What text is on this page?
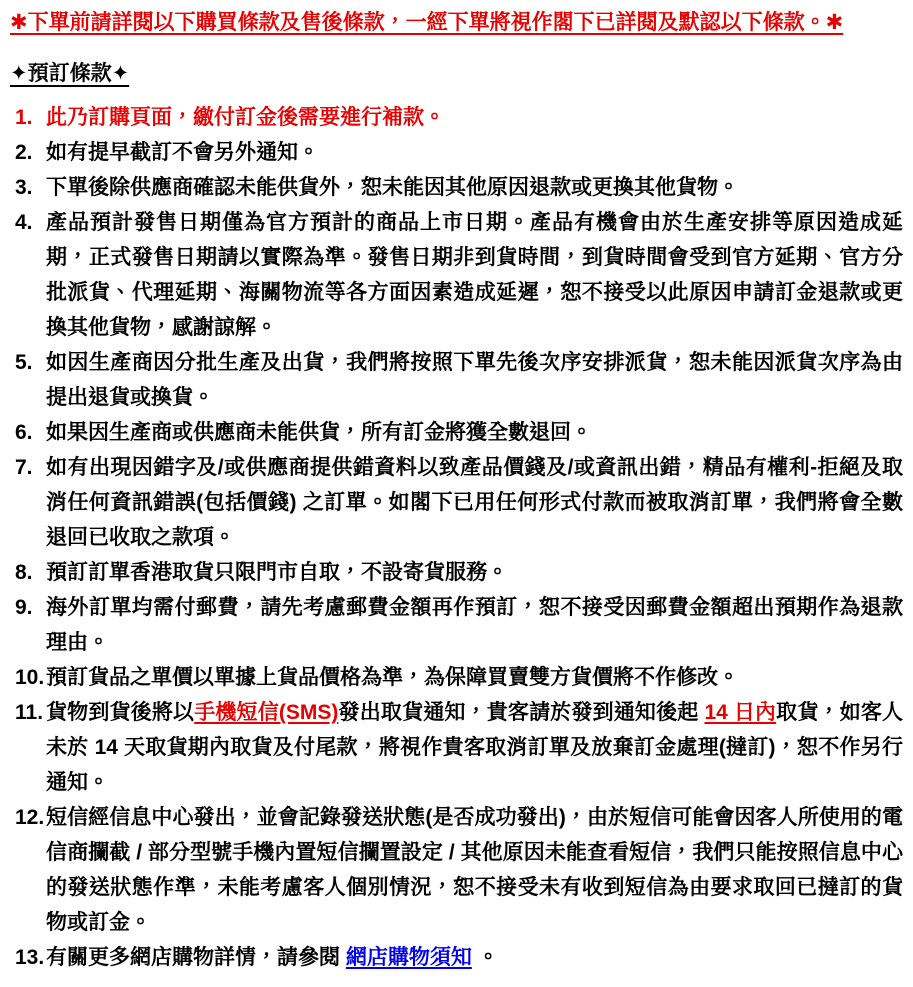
✱下單前請詳閱以下購買條款及售後條款，一經下單將視作閣下已詳閱及默認以下條款。✱

✦預訂條款✦
1. 此乃訂購頁面，繳付訂金後需要進行補款。
2. 如有提早截訂不會另外通知。
3. 下單後除供應商確認未能供貨外，恕未能因其他原因退款或更換其他貨物。
4. 產品預計發售日期僅為官方預計的商品上市日期。產品有機會由於生產安排等原因造成延期，正式發售日期請以實際為準。發售日期非到貨時間，到貨時間會受到官方延期、官方分批派貨、代理延期、海關物流等各方面因素造成延遲，恕不接受以此原因申請訂金退款或更換其他貨物，感謝諒解。
5. 如因生產商因分批生產及出貨，我們將按照下單先後次序安排派貨，恕未能因派貨次序為由提出退貨或換貨。
6. 如果因生產商或供應商未能供貨，所有訂金將獲全數退回。
7. 如有出現因錯字及/或供應商提供錯資料以致產品價錢及/或資訊出錯，精品有權利-拒絕及取消任何資訊錯誤(包括價錢) 之訂單。如閣下已用任何形式付款而被取消訂單，我們將會全數退回已收取之款項。
8. 預訂訂單香港取貨只限門市自取，不設寄貨服務。
9. 海外訂單均需付郵費，請先考慮郵費金額再作預訂，恕不接受因郵費金額超出預期作為退款理由。
10. 預訂貨品之單價以單據上貨品價格為準，為保障買賣雙方貨價將不作修改。
11. 貨物到貨後將以手機短信(SMS)發出取貨通知，貴客請於發到通知後起 14 日內取貨，如客人未於 14 天取貨期內取貨及付尾款，將視作貴客取消訂單及放棄訂金處理(撻訂)，恕不作另行通知。
12. 短信經信息中心發出，並會記錄發送狀態(是否成功發出)，由於短信可能會因客人所使用的電信商攔截 / 部分型號手機內置短信攔置設定 / 其他原因未能查看短信，我們只能按照信息中心的發送狀態作準，未能考慮客人個別情況，恕不接受未有收到短信為由要求取回已撻訂的貨物或訂金。
13. 有關更多網店購物詳情，請參閱 網店購物須知 。
